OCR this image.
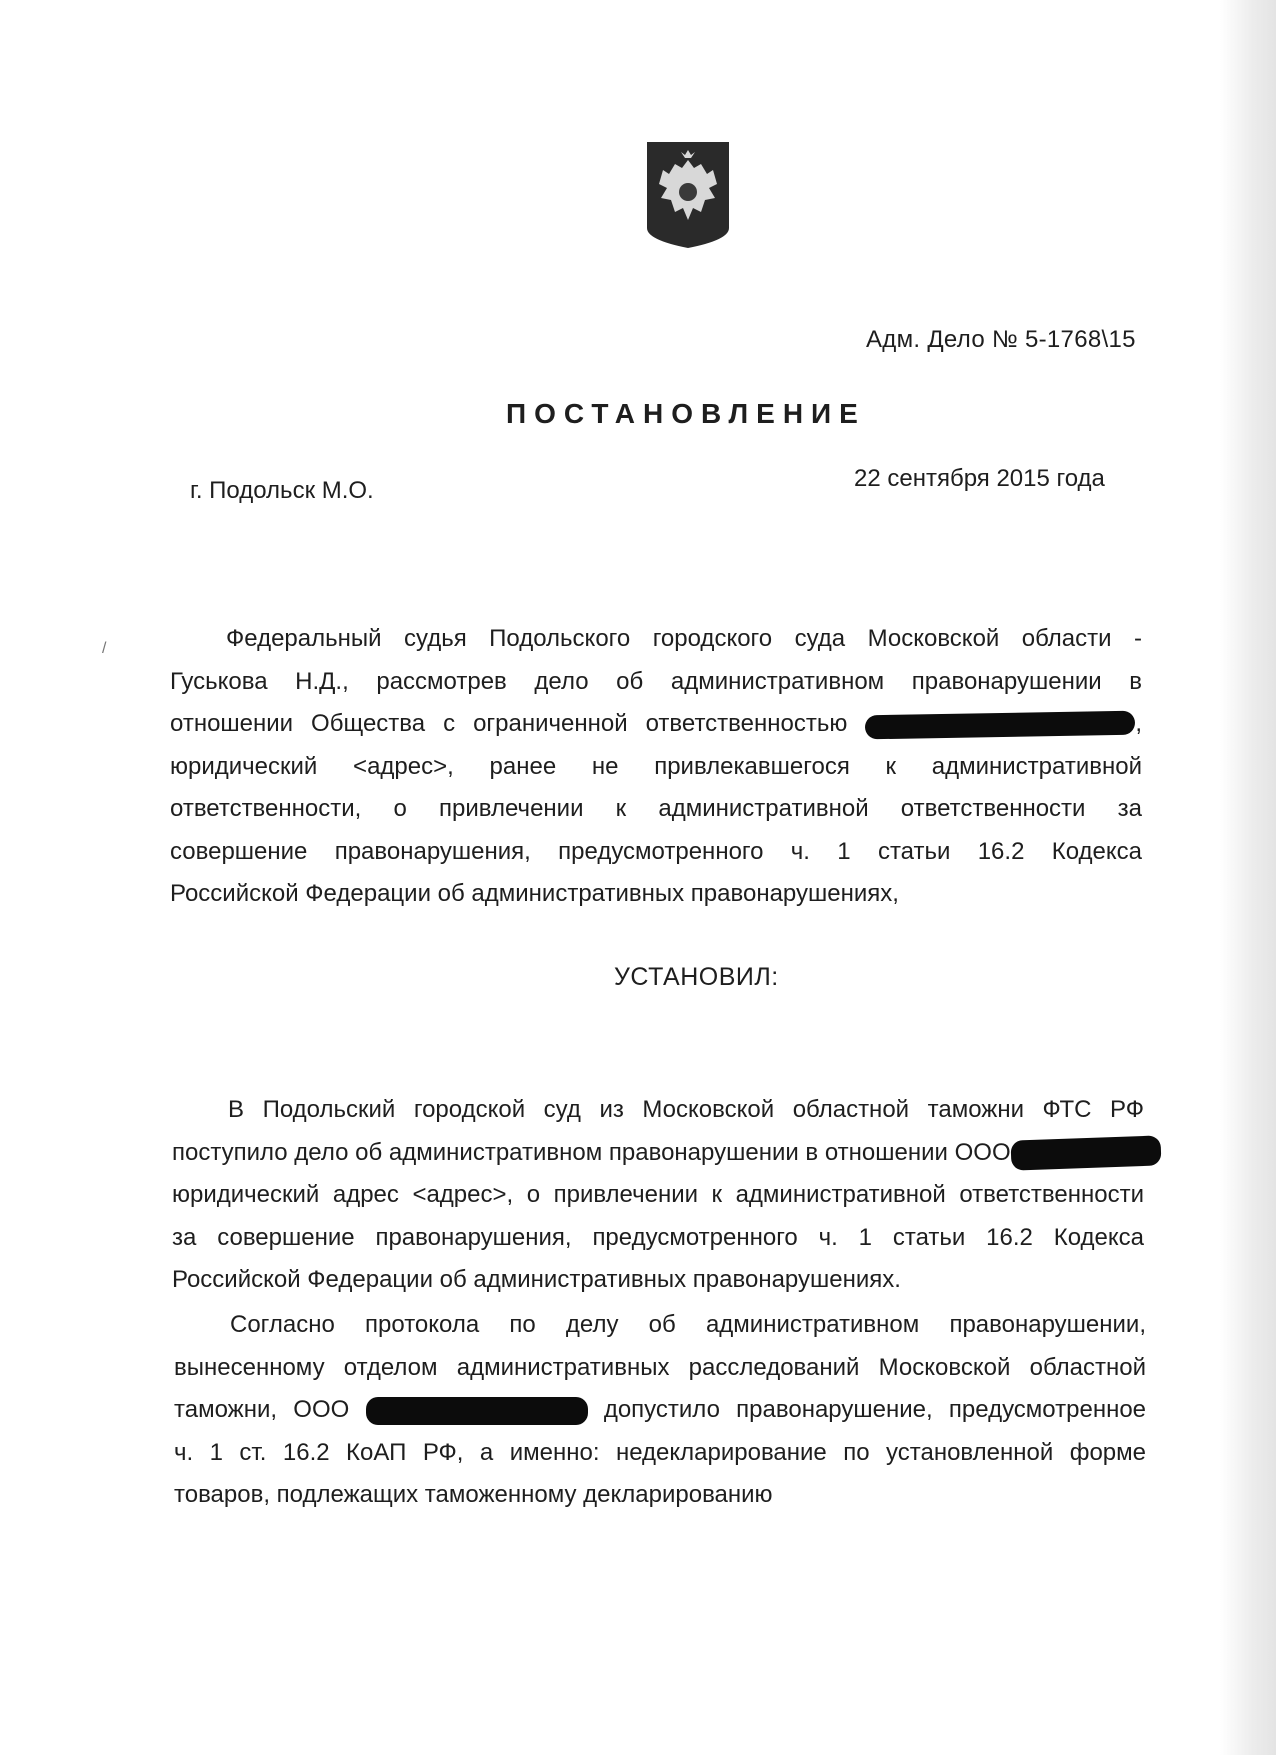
Адм. Дело № 5-1768\15
ПОСТАНОВЛЕНИЕ
г. Подольск М.О.	22 сентября 2015 года
/	Федеральный судья Подольского городского суда Московской области -
Гуськова Н.Д., рассмотрев дело об административном правонарушении в
отношении Общества с ограниченной ответственностью	,
юридический <адрес>, ранее не привлекавшегося к административной
ответственности, о привлечении к административной ответственности за
совершение правонарушения, предусмотренного ч. 1 статьи 16.2 Кодекса
Российской Федерации об административных правонарушениях,
УСТАНОВИЛ:
В Подольский городской суд из Московской областной таможни ФТС РФ
поступило дело об административном правонарушении в отношении ООО
юридический адрес <адрес>, о привлечении к административной ответственности
за совершение правонарушения, предусмотренного ч. 1 статьи 16.2 Кодекса
Российской Федерации об административных правонарушениях.
Согласно протокола по делу об административном правонарушении,
вынесенному отделом административных расследований Московской областной
таможни, ООО	допустило правонарушение, предусмотренное
ч. 1 ст. 16.2 КоАП РФ, а именно: недекларирование по установленной форме
товаров, подлежащих таможенному декларированию
